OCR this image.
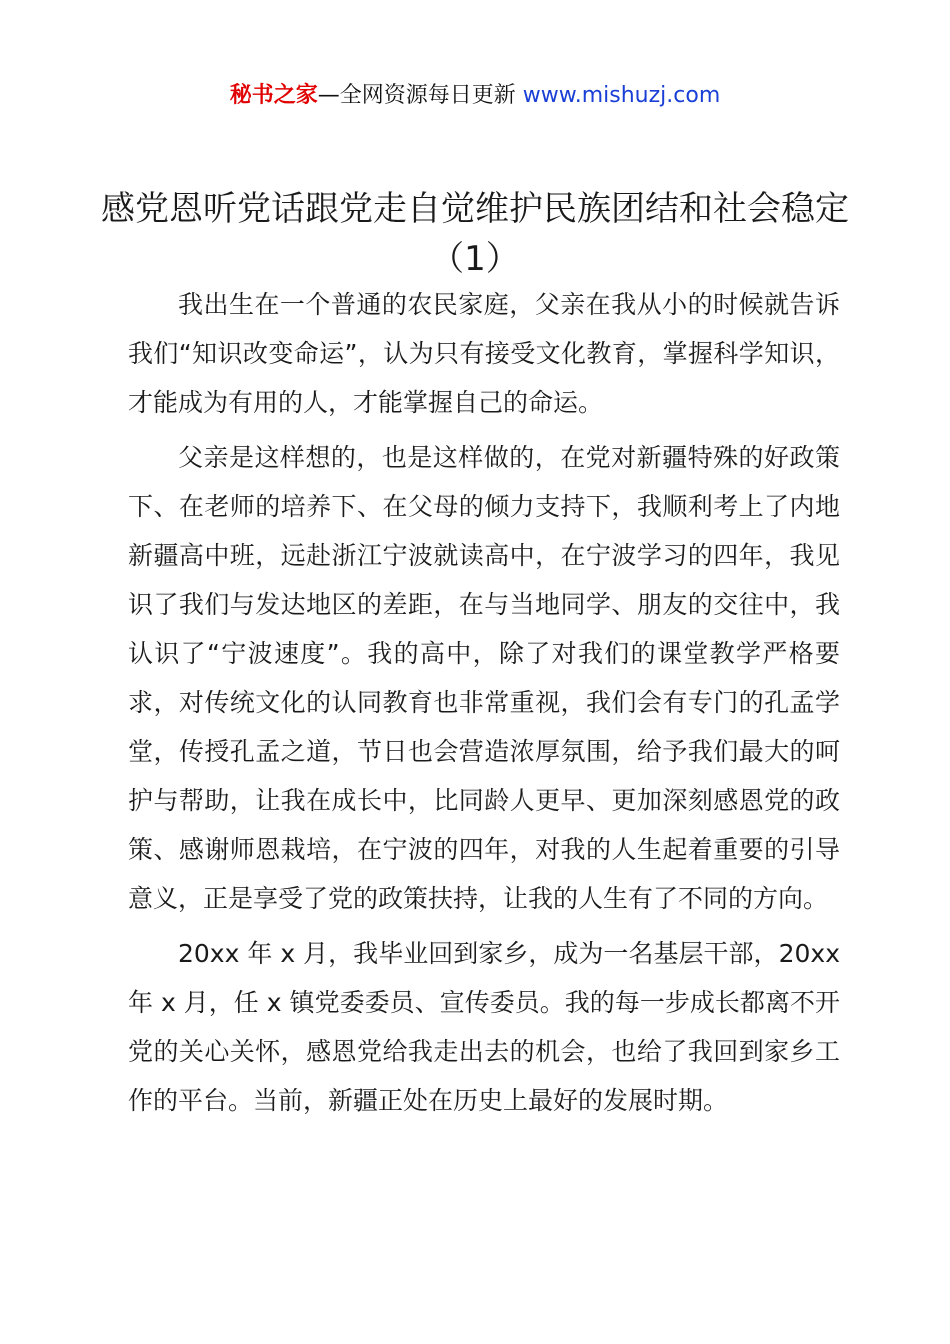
秘书之家—全网资源每日更新 www.mishuzj.com
感党恩听党话跟党走自觉维护民族团结和社会稳定（1）

我出生在一个普通的农民家庭，父亲在我从小的时候就告诉我们“知识改变命运”，认为只有接受文化教育，掌握科学知识，才能成为有用的人，才能掌握自己的命运。

父亲是这样想的，也是这样做的，在党对新疆特殊的好政策下、在老师的培养下、在父母的倾力支持下，我顺利考上了内地新疆高中班，远赴浙江宁波就读高中，在宁波学习的四年，我见识了我们与发达地区的差距，在与当地同学、朋友的交往中，我认识了“宁波速度”。我的高中，除了对我们的课堂教学严格要求，对传统文化的认同教育也非常重视，我们会有专门的孔孟学堂，传授孔孟之道，节日也会营造浓厚氛围，给予我们最大的呵护与帮助，让我在成长中，比同龄人更早、更加深刻感恩党的政策、感谢师恩栽培，在宁波的四年，对我的人生起着重要的引导意义，正是享受了党的政策扶持，让我的人生有了不同的方向。

20xx 年 x 月，我毕业回到家乡，成为一名基层干部，20xx 年 x 月，任 x 镇党委委员、宣传委员。我的每一步成长都离不开党的关心关怀，感恩党给我走出去的机会，也给了我回到家乡工作的平台。当前，新疆正处在历史上最好的发展时期。
